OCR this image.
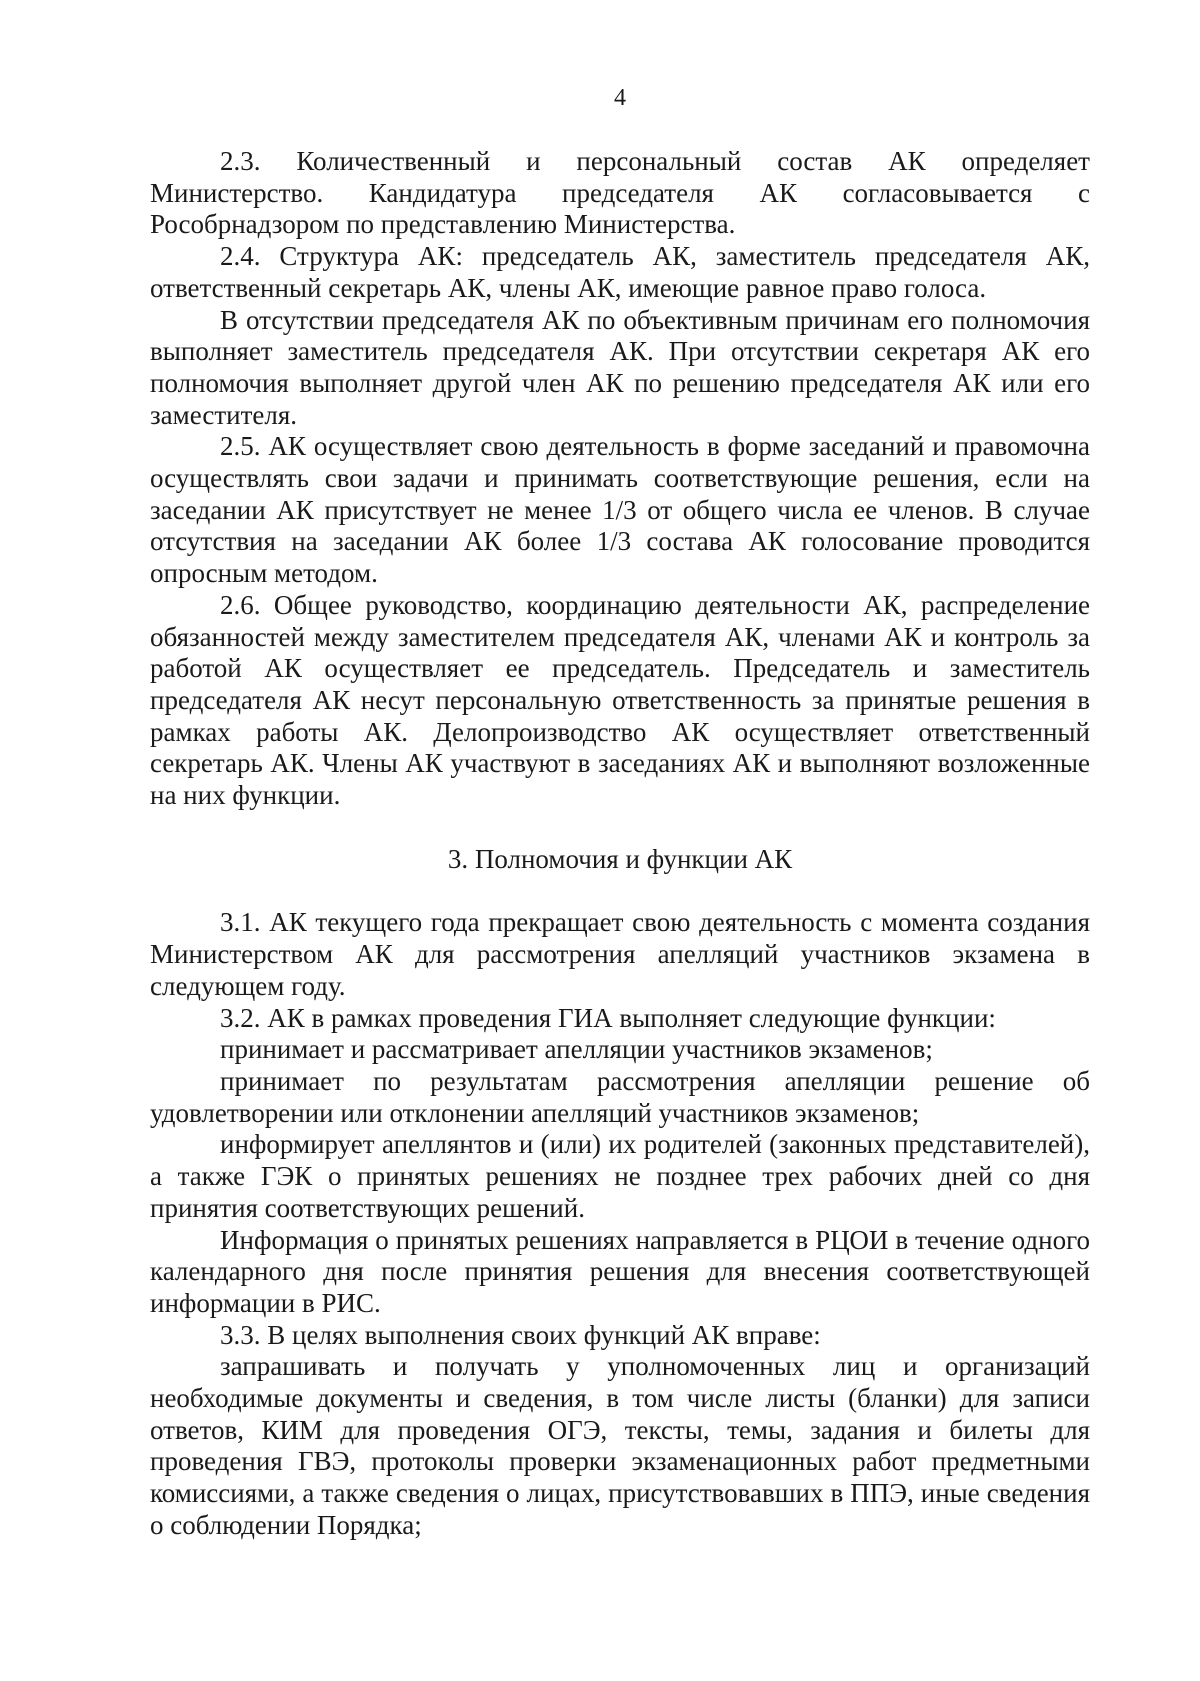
4

2.3. Количественный и персональный состав АК определяет Министерство. Кандидатура председателя АК согласовывается с Рособрнадзором по представлению Министерства.

2.4. Структура АК: председатель АК, заместитель председателя АК, ответственный секретарь АК, члены АК, имеющие равное право голоса.

В отсутствии председателя АК по объективным причинам его полномочия выполняет заместитель председателя АК. При отсутствии секретаря АК его полномочия выполняет другой член АК по решению председателя АК или его заместителя.

2.5. АК осуществляет свою деятельность в форме заседаний и правомочна осуществлять свои задачи и принимать соответствующие решения, если на заседании АК присутствует не менее 1/3 от общего числа ее членов. В случае отсутствия на заседании АК более 1/3 состава АК голосование проводится опросным методом.

2.6. Общее руководство, координацию деятельности АК, распределение обязанностей между заместителем председателя АК, членами АК и контроль за работой АК осуществляет ее председатель. Председатель и заместитель председателя АК несут персональную ответственность за принятые решения в рамках работы АК. Делопроизводство АК осуществляет ответственный секретарь АК. Члены АК участвуют в заседаниях АК и выполняют возложенные на них функции.

3. Полномочия и функции АК

3.1. АК текущего года прекращает свою деятельность с момента создания Министерством АК для рассмотрения апелляций участников экзамена в следующем году.

3.2. АК в рамках проведения ГИА выполняет следующие функции:

принимает и рассматривает апелляции участников экзаменов;

принимает по результатам рассмотрения апелляции решение об удовлетворении или отклонении апелляций участников экзаменов;

информирует апеллянтов и (или) их родителей (законных представителей), а также ГЭК о принятых решениях не позднее трех рабочих дней со дня принятия соответствующих решений.

Информация о принятых решениях направляется в РЦОИ в течение одного календарного дня после принятия решения для внесения соответствующей информации в РИС.

3.3. В целях выполнения своих функций АК вправе:

запрашивать и получать у уполномоченных лиц и организаций необходимые документы и сведения, в том числе листы (бланки) для записи ответов, КИМ для проведения ОГЭ, тексты, темы, задания и билеты для проведения ГВЭ, протоколы проверки экзаменационных работ предметными комиссиями, а также сведения о лицах, присутствовавших в ППЭ, иные сведения о соблюдении Порядка;
